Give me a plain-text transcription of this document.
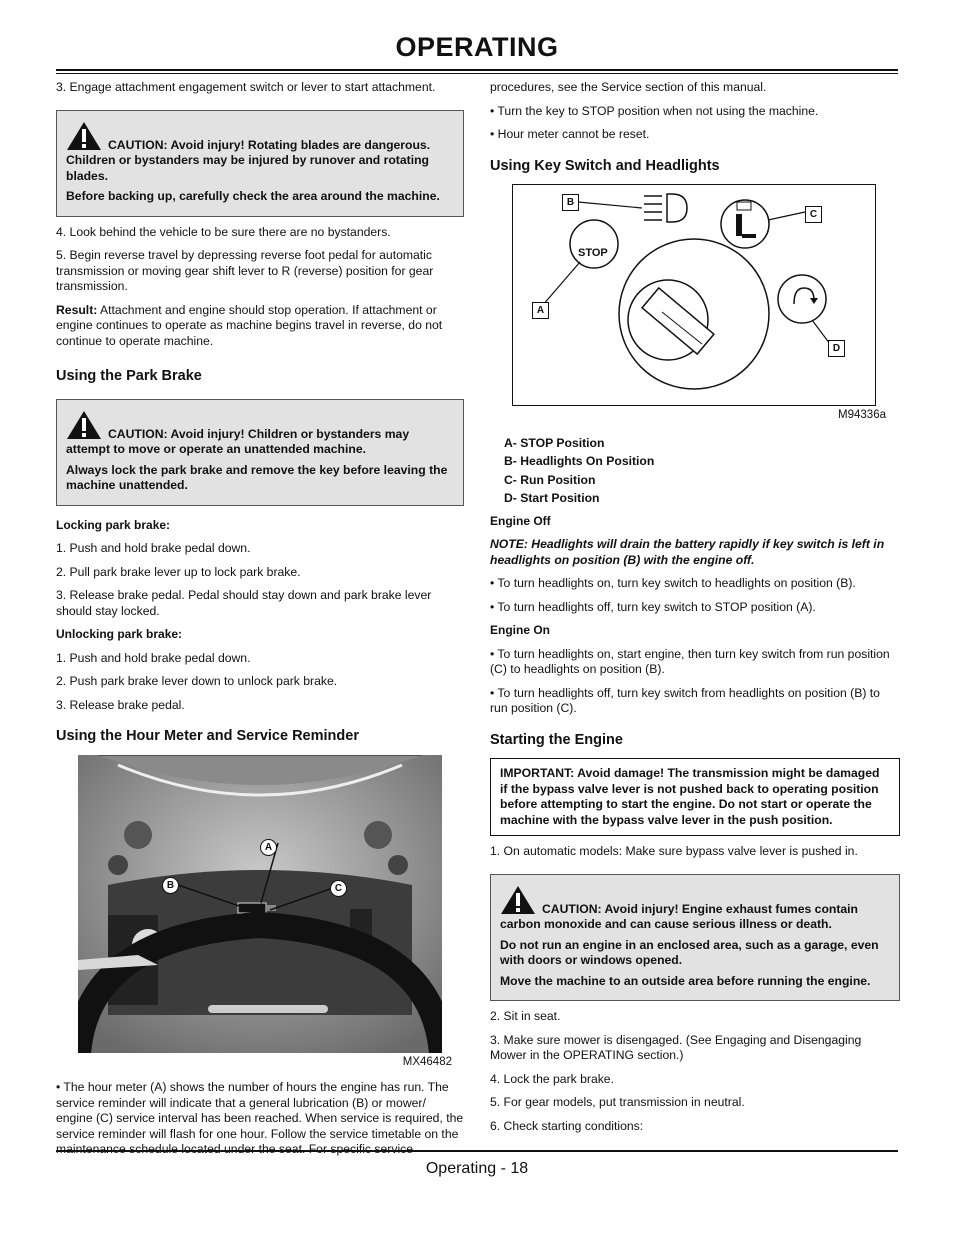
OPERATING

3. Engage attachment engagement switch or lever to start attachment.

CAUTION: Avoid injury! Rotating blades are dangerous. Children or bystanders may be injured by runover and rotating blades.

Before backing up, carefully check the area around the machine.

4. Look behind the vehicle to be sure there are no bystanders.

5. Begin reverse travel by depressing reverse foot pedal for automatic transmission or moving gear shift lever to R (reverse) position for gear transmission.

Result: Attachment and engine should stop operation. If attachment or engine continues to operate as machine begins travel in reverse, do not continue to operate machine.

Using the Park Brake

CAUTION: Avoid injury! Children or bystanders may attempt to move or operate an unattended machine.

Always lock the park brake and remove the key before leaving the machine unattended.

Locking park brake:

1. Push and hold brake pedal down.

2. Pull park brake lever up to lock park brake.

3. Release brake pedal. Pedal should stay down and park brake lever should stay locked.

Unlocking park brake:

1. Push and hold brake pedal down.

2. Push park brake lever down to unlock park brake.

3. Release brake pedal.

Using the Hour Meter and Service Reminder

Service Reminder System
A
B	C
MX46482

• The hour meter (A) shows the number of hours the engine has run. The service reminder will indicate that a general lubrication (B) or mower/ engine (C) service interval has been reached. When service is required, the service reminder will flash for one hour. Follow the service timetable on the maintenance schedule located under the seat. For specific service

procedures, see the Service section of this manual.

• Turn the key to STOP position when not using the machine.

• Hour meter cannot be reset.

Using Key Switch and Headlights

STOP
B
A
C
D
M94336a
A- STOP Position
B- Headlights On Position
C- Run Position
D- Start Position

Engine Off

NOTE: Headlights will drain the battery rapidly if key switch is left in headlights on position (B) with the engine off.

• To turn headlights on, turn key switch to headlights on position (B).

• To turn headlights off, turn key switch to STOP position (A).

Engine On

• To turn headlights on, start engine, then turn key switch from run position (C) to headlights on position (B).

• To turn headlights off, turn key switch from headlights on position (B) to run position (C).

Starting the Engine

IMPORTANT: Avoid damage! The transmission might be damaged if the bypass valve lever is not pushed back to operating position before attempting to start the engine. Do not start or operate the machine with the bypass valve lever in the push position.

1. On automatic models: Make sure bypass valve lever is pushed in.

CAUTION: Avoid injury! Engine exhaust fumes contain carbon monoxide and can cause serious illness or death.

Do not run an engine in an enclosed area, such as a garage, even with doors or windows opened.

Move the machine to an outside area before running the engine.

2. Sit in seat.

3. Make sure mower is disengaged. (See Engaging and Disengaging Mower in the OPERATING section.)

4. Lock the park brake.

5. For gear models, put transmission in neutral.

6. Check starting conditions:

Operating - 18
